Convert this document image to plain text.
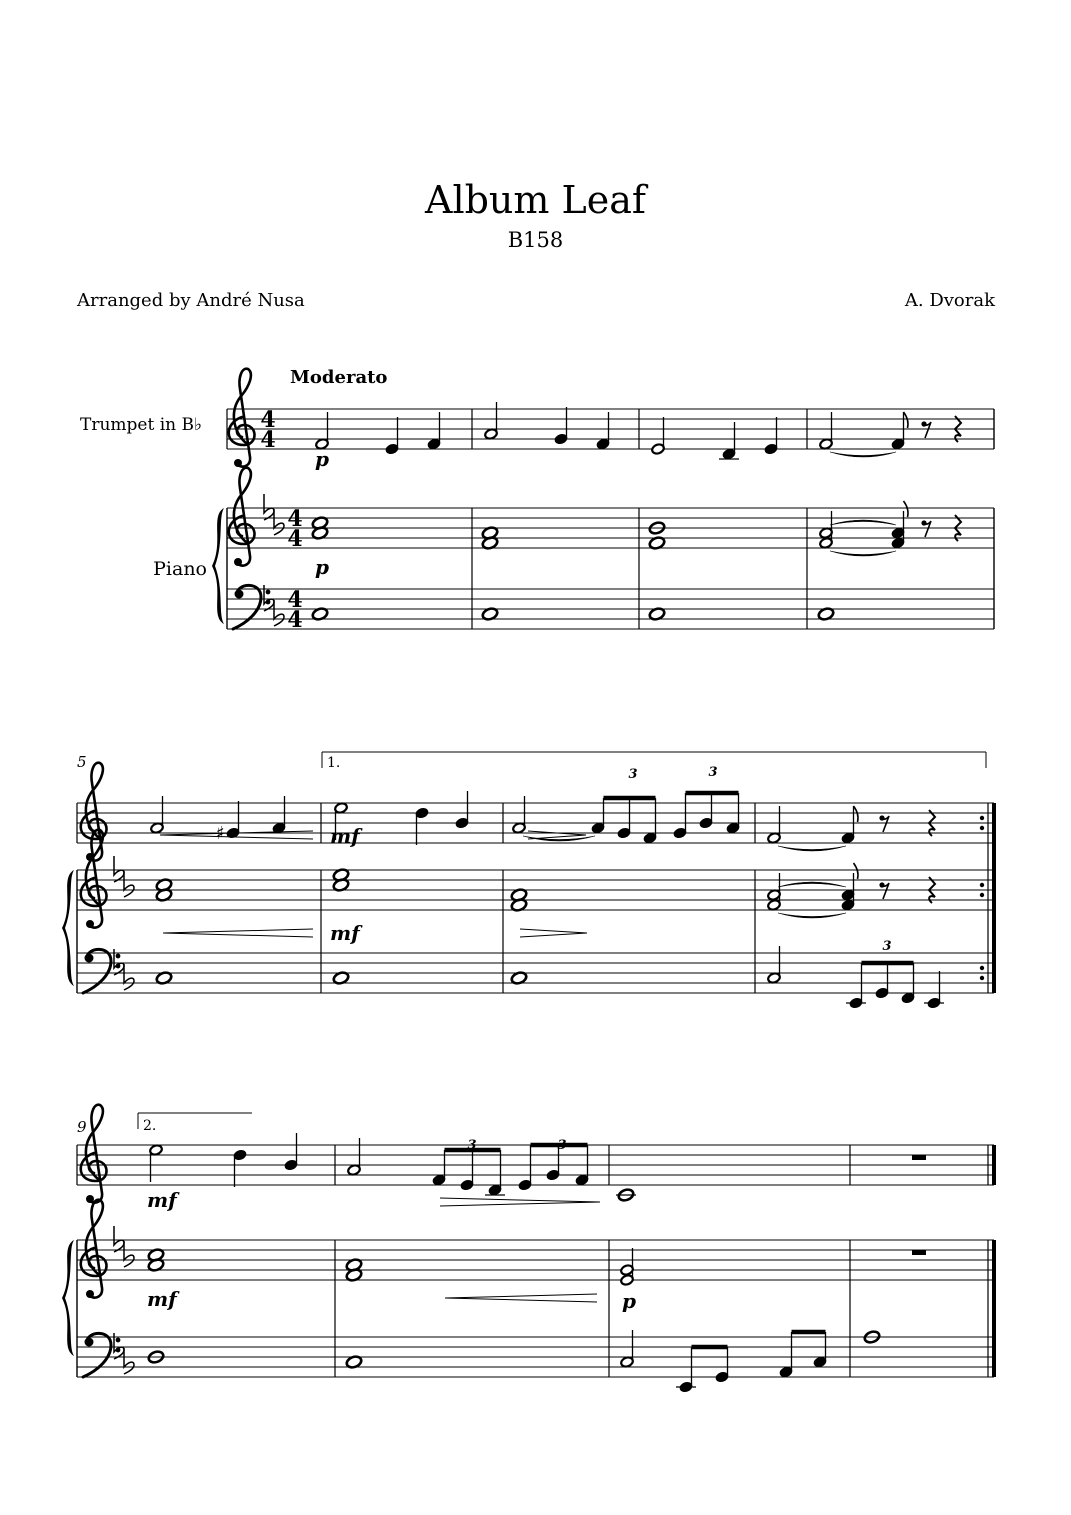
Album Leaf
B158
Arranged by André Nusa	A. Dvorak
Moderato
Trumpet in B♭
Piano
4
4
4
4
4
4
p
p
5	1.
mf
3	3
mf
3
9	2.
mf
3	3
mf	p
